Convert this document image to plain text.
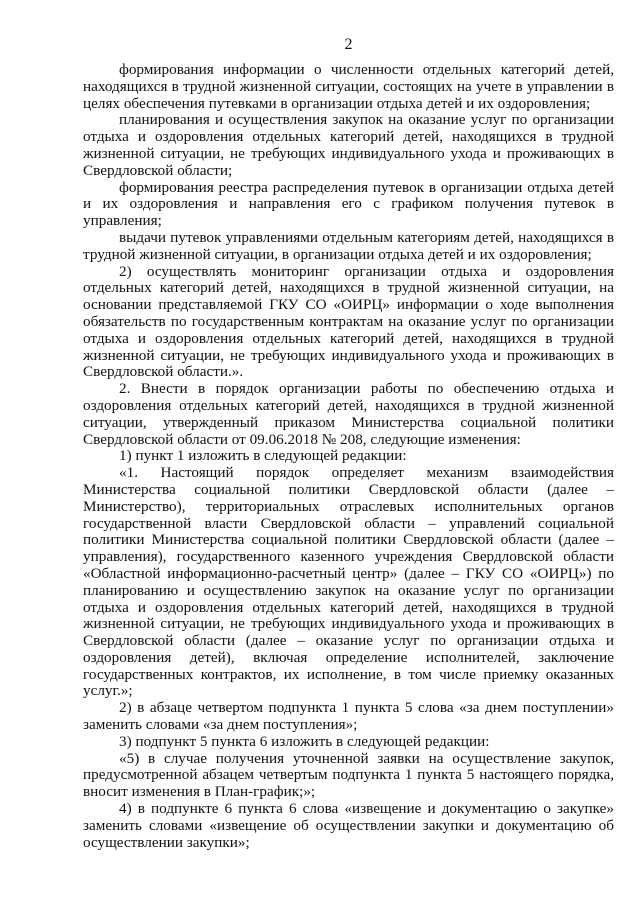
2

формирования информации о численности отдельных категорий детей, находящихся в трудной жизненной ситуации, состоящих на учете в управлении в целях обеспечения путевками в организации отдыха детей и их оздоровления;

планирования и осуществления закупок на оказание услуг по организации отдыха и оздоровления отдельных категорий детей, находящихся в трудной жизненной ситуации, не требующих индивидуального ухода и проживающих в Свердловской области;

формирования реестра распределения путевок в организации отдыха детей и их оздоровления и направления его с графиком получения путевок в управления;

выдачи путевок управлениями отдельным категориям детей, находящихся в трудной жизненной ситуации, в организации отдыха детей и их оздоровления;

2) осуществлять мониторинг организации отдыха и оздоровления отдельных категорий детей, находящихся в трудной жизненной ситуации, на основании представляемой ГКУ СО «ОИРЦ» информации о ходе выполнения обязательств по государственным контрактам на оказание услуг по организации отдыха и оздоровления отдельных категорий детей, находящихся в трудной жизненной ситуации, не требующих индивидуального ухода и проживающих в Свердловской области.».

2. Внести в порядок организации работы по обеспечению отдыха и оздоровления отдельных категорий детей, находящихся в трудной жизненной ситуации, утвержденный приказом Министерства социальной политики Свердловской области от 09.06.2018 № 208, следующие изменения:

1) пункт 1 изложить в следующей редакции:

«1. Настоящий порядок определяет механизм взаимодействия Министерства социальной политики Свердловской области (далее – Министерство), территориальных отраслевых исполнительных органов государственной власти Свердловской области – управлений социальной политики Министерства социальной политики Свердловской области (далее – управления), государственного казенного учреждения Свердловской области «Областной информационно-расчетный центр» (далее – ГКУ СО «ОИРЦ») по планированию и осуществлению закупок на оказание услуг по организации отдыха и оздоровления отдельных категорий детей, находящихся в трудной жизненной ситуации, не требующих индивидуального ухода и проживающих в Свердловской области (далее – оказание услуг по организации отдыха и оздоровления детей), включая определение исполнителей, заключение государственных контрактов, их исполнение, в том числе приемку оказанных услуг.»;

2) в абзаце четвертом подпункта 1 пункта 5 слова «за днем поступлении» заменить словами «за днем поступления»;

3) подпункт 5 пункта 6 изложить в следующей редакции:

«5) в случае получения уточненной заявки на осуществление закупок, предусмотренной абзацем четвертым подпункта 1 пункта 5 настоящего порядка, вносит изменения в План-график;»;

4) в подпункте 6 пункта 6 слова «извещение и документацию о закупке» заменить словами «извещение об осуществлении закупки и документацию об осуществлении закупки»;
